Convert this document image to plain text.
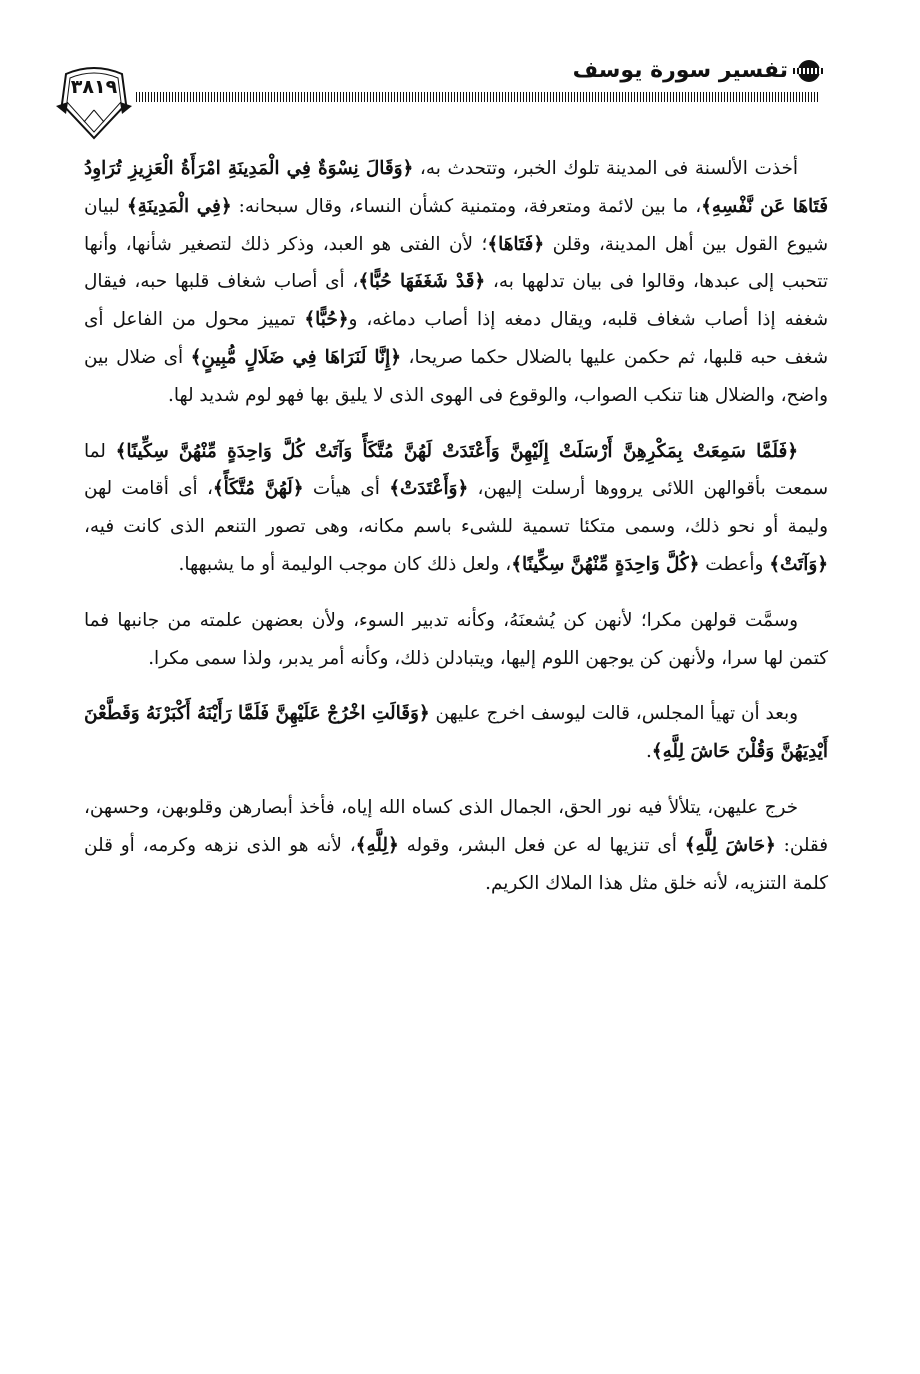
تفسير سورة يوسف
٣٨١٩

أخذت الألسنة فى المدينة تلوك الخبر، وتتحدث به، ﴿وَقَالَ نِسْوَةٌ فِي الْمَدِينَةِ امْرَأَةُ الْعَزِيزِ تُرَاوِدُ فَتَاهَا عَن نَّفْسِهِ﴾، ما بين لائمة ومتعرفة، ومتمنية كشأن النساء، وقال سبحانه: ﴿فِي الْمَدِينَةِ﴾ لبيان شيوع القول بين أهل المدينة، وقلن ﴿فَتَاهَا﴾؛ لأن الفتى هو العبد، وذكر ذلك لتصغير شأنها، وأنها تتحبب إلى عبدها، وقالوا فى بيان تدلهها به، ﴿قَدْ شَغَفَهَا حُبًّا﴾، أى أصاب شغاف قلبها حبه، فيقال شغفه إذا أصاب شغاف قلبه، ويقال دمغه إذا أصاب دماغه، و﴿حُبًّا﴾ تمييز محول من الفاعل أى شغف حبه قلبها، ثم حكمن عليها بالضلال حكما صريحا، ﴿إِنَّا لَنَرَاهَا فِي ضَلَالٍ مُّبِينٍ﴾ أى ضلال بين واضح، والضلال هنا تنكب الصواب، والوقوع فى الهوى الذى لا يليق بها فهو لوم شديد لها.

﴿فَلَمَّا سَمِعَتْ بِمَكْرِهِنَّ أَرْسَلَتْ إِلَيْهِنَّ وَأَعْتَدَتْ لَهُنَّ مُتَّكَأً وَآتَتْ كُلَّ وَاحِدَةٍ مِّنْهُنَّ سِكِّينًا﴾ لما سمعت بأقوالهن اللائى يرووها أرسلت إليهن، ﴿وَأَعْتَدَتْ﴾ أى هيأت ﴿لَهُنَّ مُتَّكَأً﴾، أى أقامت لهن وليمة أو نحو ذلك، وسمى متكئا تسمية للشىء باسم مكانه، وهى تصور التنعم الذى كانت فيه، ﴿وَآتَتْ﴾ وأعطت ﴿كُلَّ وَاحِدَةٍ مِّنْهُنَّ سِكِّينًا﴾، ولعل ذلك كان موجب الوليمة أو ما يشبهها.

وسمَّت قولهن مكرا؛ لأنهن كن يُشعنَهُ، وكأنه تدبير السوء، ولأن بعضهن علمته من جانبها فما كتمن لها سرا، ولأنهن كن يوجهن اللوم إليها، ويتبادلن ذلك، وكأنه أمر يدبر، ولذا سمى مكرا.

وبعد أن تهيأ المجلس، قالت ليوسف اخرج عليهن ﴿وَقَالَتِ اخْرُجْ عَلَيْهِنَّ فَلَمَّا رَأَيْنَهُ أَكْبَرْنَهُ وَقَطَّعْنَ أَيْدِيَهُنَّ وَقُلْنَ حَاشَ لِلَّهِ﴾.

خرج عليهن، يتلألأ فيه نور الحق، الجمال الذى كساه الله إياه، فأخذ أبصارهن وقلوبهن، وحسهن، فقلن: ﴿حَاشَ لِلَّهِ﴾ أى تنزيها له عن فعل البشر، وقوله ﴿لِلَّهِ﴾، لأنه هو الذى نزهه وكرمه، أو قلن كلمة التنزيه، لأنه خلق مثل هذا الملاك الكريم.
